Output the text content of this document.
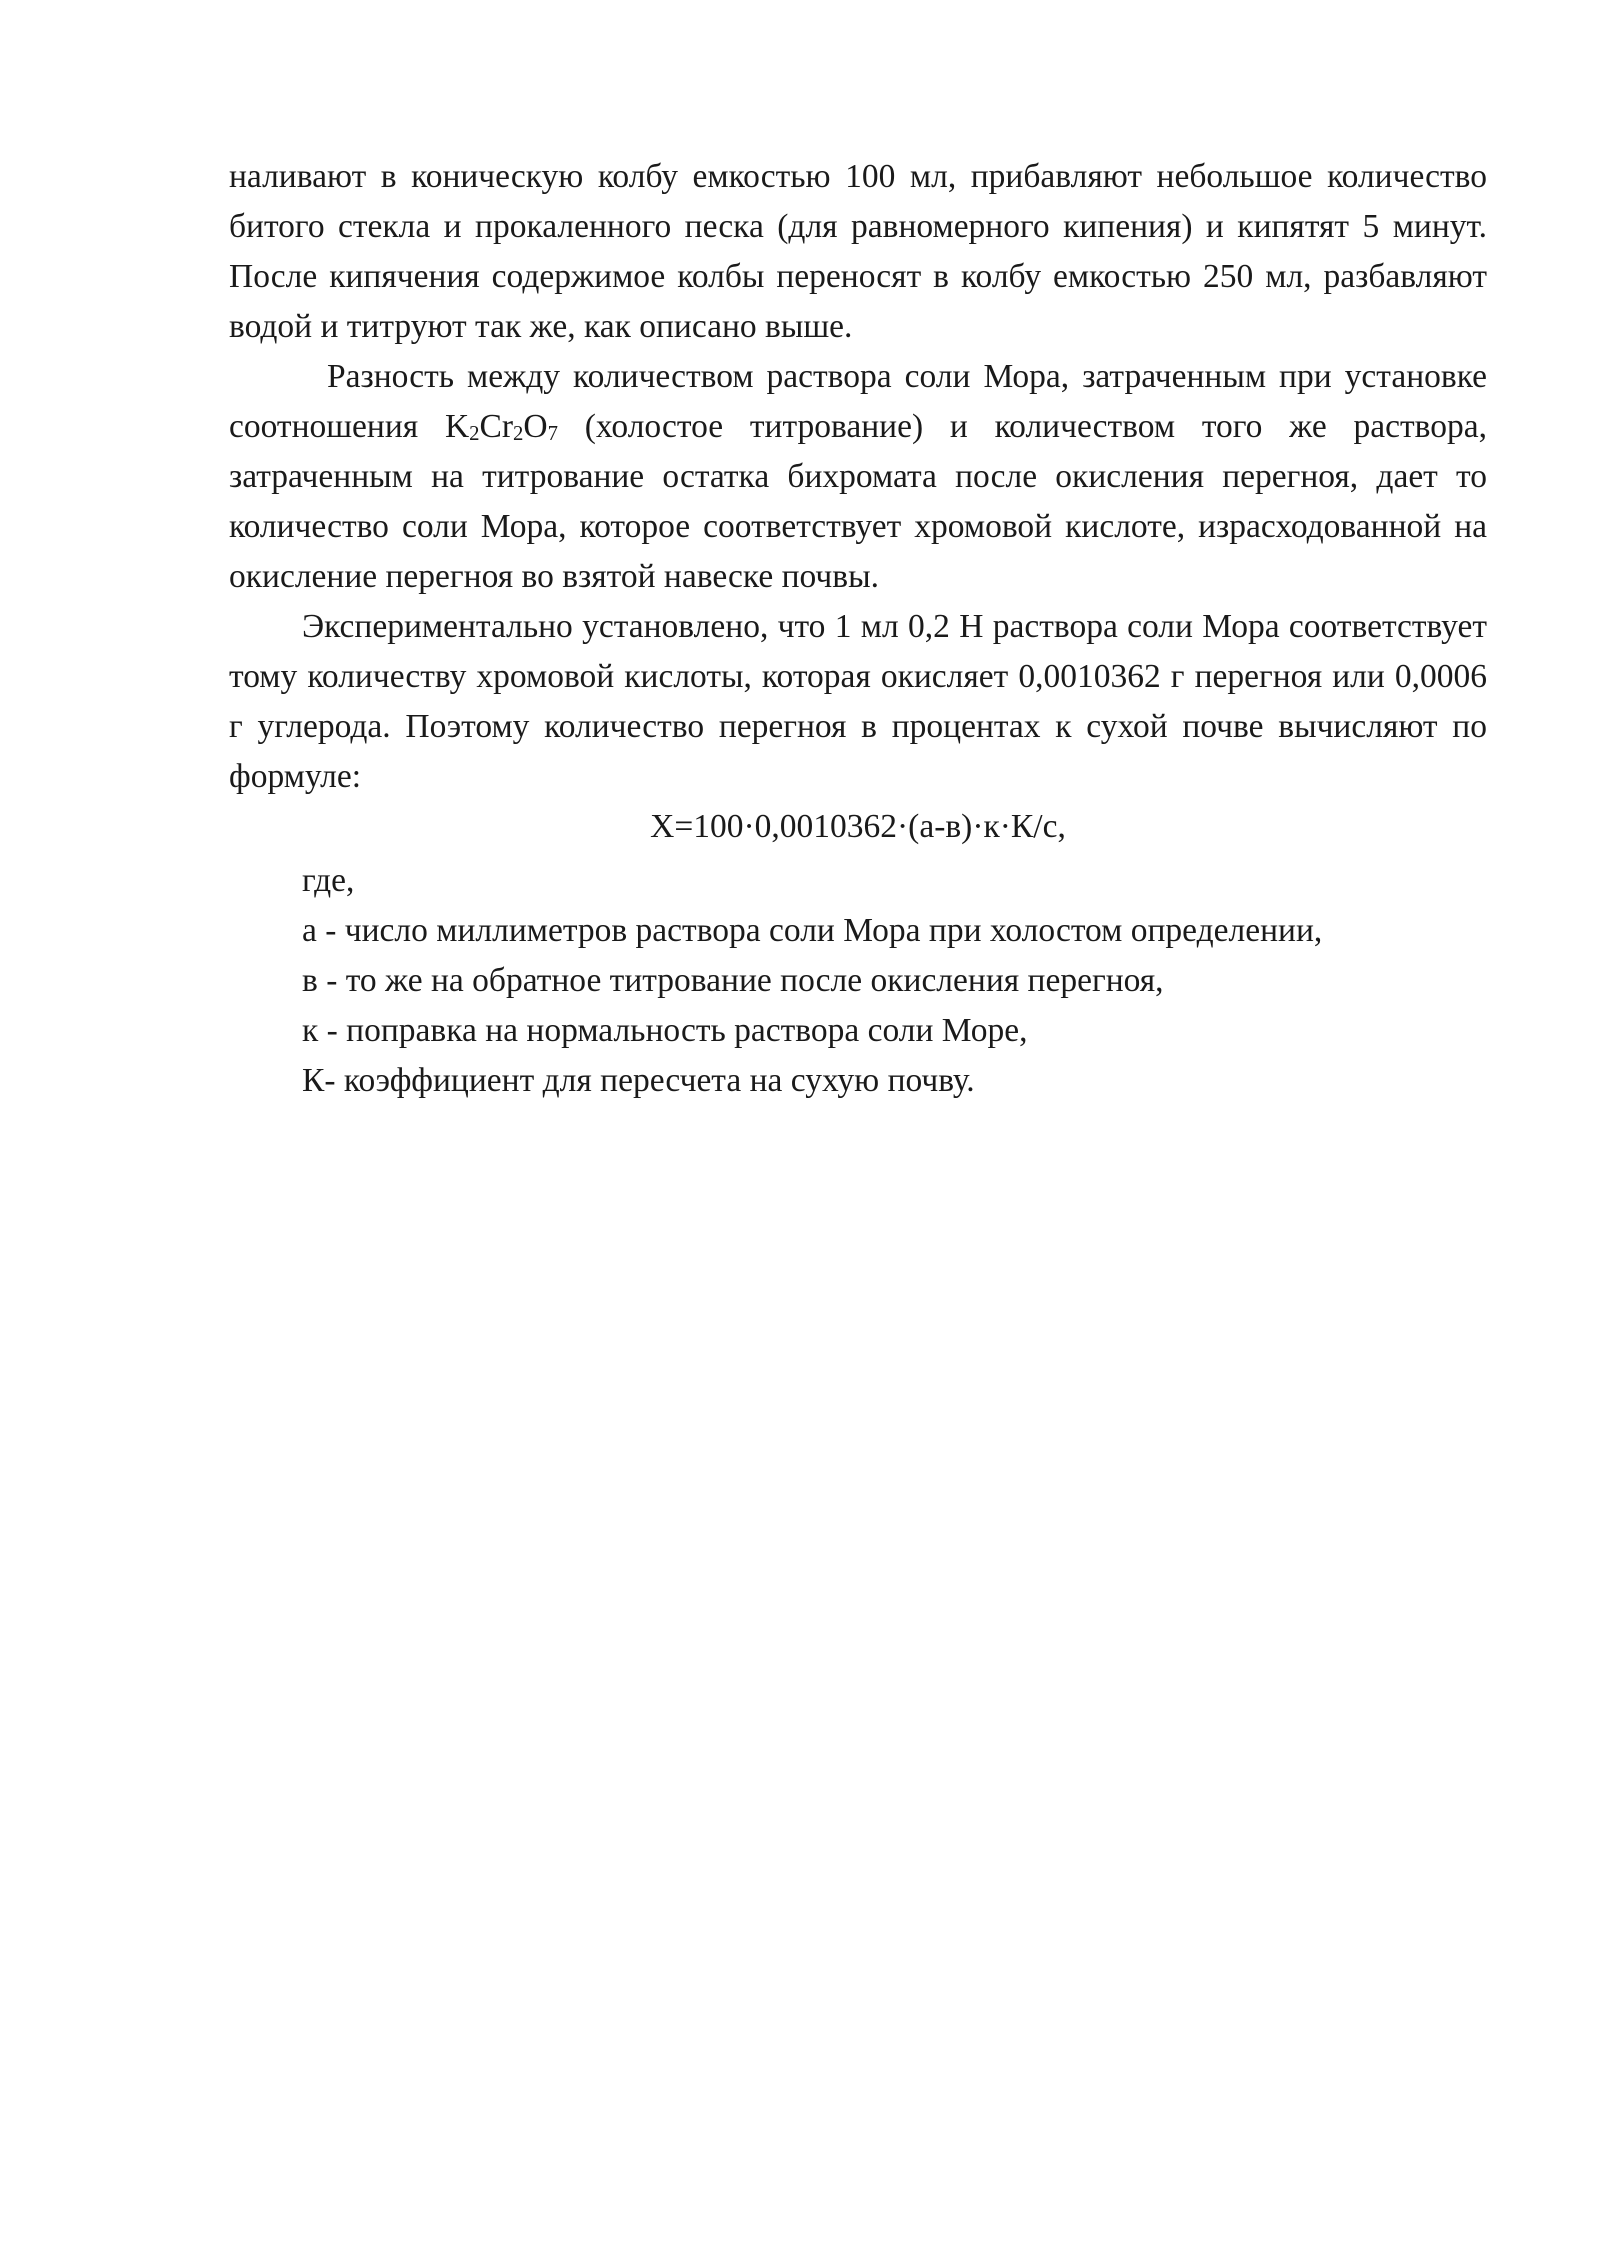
наливают в коническую колбу емкостью 100 мл, прибавляют небольшое количество битого стекла и прокаленного песка (для равномерного кипения) и кипятят 5 минут. После кипячения содержимое колбы переносят в колбу емкостью 250 мл, разбавляют водой и титруют так же, как описано выше.

Разность между количеством раствора соли Мора, затраченным при установке соотношения $K_2Cr_2O_7$ (холостое титрование) и количеством того же раствора, затраченным на титрование остатка бихромата после окисления перегноя, дает то количество соли Мора, которое соответствует хромовой кислоте, израсходованной на окисление перегноя во взятой навеске почвы.

Экспериментально установлено, что 1 мл 0,2 Н раствора соли Мора соответствует тому количеству хромовой кислоты, которая окисляет 0,0010362 г перегноя или 0,0006 г углерода. Поэтому количество перегноя в процентах к сухой почве вычисляют по формуле:

X=100·0,0010362·(а-в)·к·К/с,

где,

а - число миллиметров раствора соли Мора при холостом определении,

в - то же на обратное титрование после окисления перегноя,

к - поправка на нормальность раствора соли Море,

К- коэффициент для пересчета на сухую почву.
